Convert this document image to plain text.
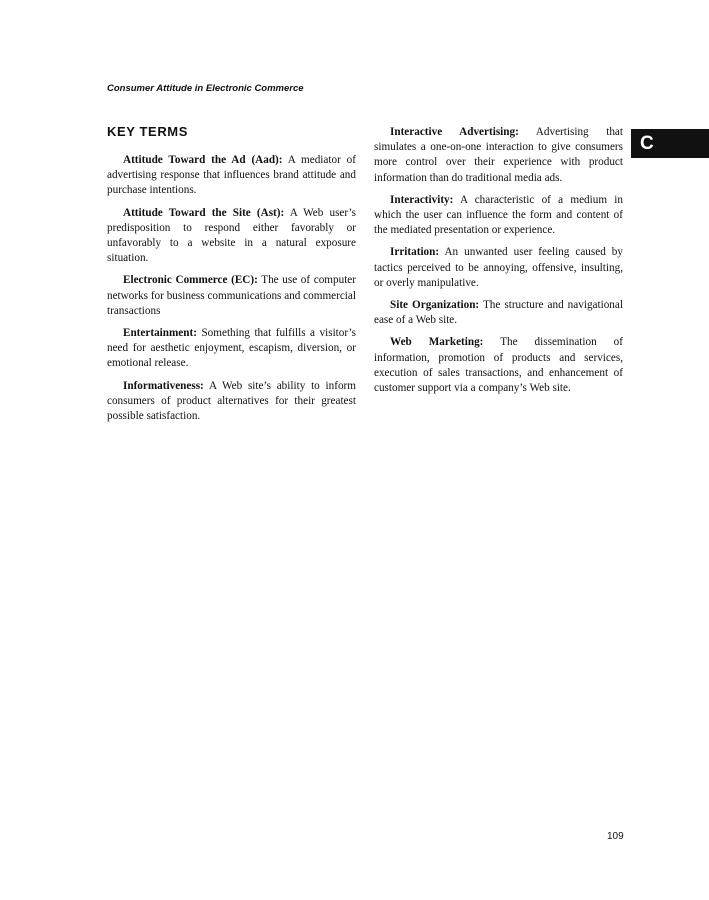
Consumer Attitude in Electronic Commerce
C
KEY TERMS

Attitude Toward the Ad (Aad): A mediator of advertising response that influences brand attitude and purchase intentions.

Attitude Toward the Site (Ast): A Web user’s predisposition to respond either favorably or unfavorably to a website in a natural exposure situation.

Electronic Commerce (EC): The use of computer networks for business communications and commercial transactions

Entertainment: Something that fulfills a visitor’s need for aesthetic enjoyment, escapism, diversion, or emotional release.

Informativeness: A Web site’s ability to inform consumers of product alternatives for their greatest possible satisfaction.

Interactive Advertising: Advertising that simulates a one-on-one interaction to give consumers more control over their experience with product information than do traditional media ads.

Interactivity: A characteristic of a medium in which the user can influence the form and content of the mediated presentation or experience.

Irritation: An unwanted user feeling caused by tactics perceived to be annoying, offensive, insulting, or overly manipulative.

Site Organization: The structure and navigational ease of a Web site.

Web Marketing: The dissemination of information, promotion of products and services, execution of sales transactions, and enhancement of customer support via a company’s Web site.

109
